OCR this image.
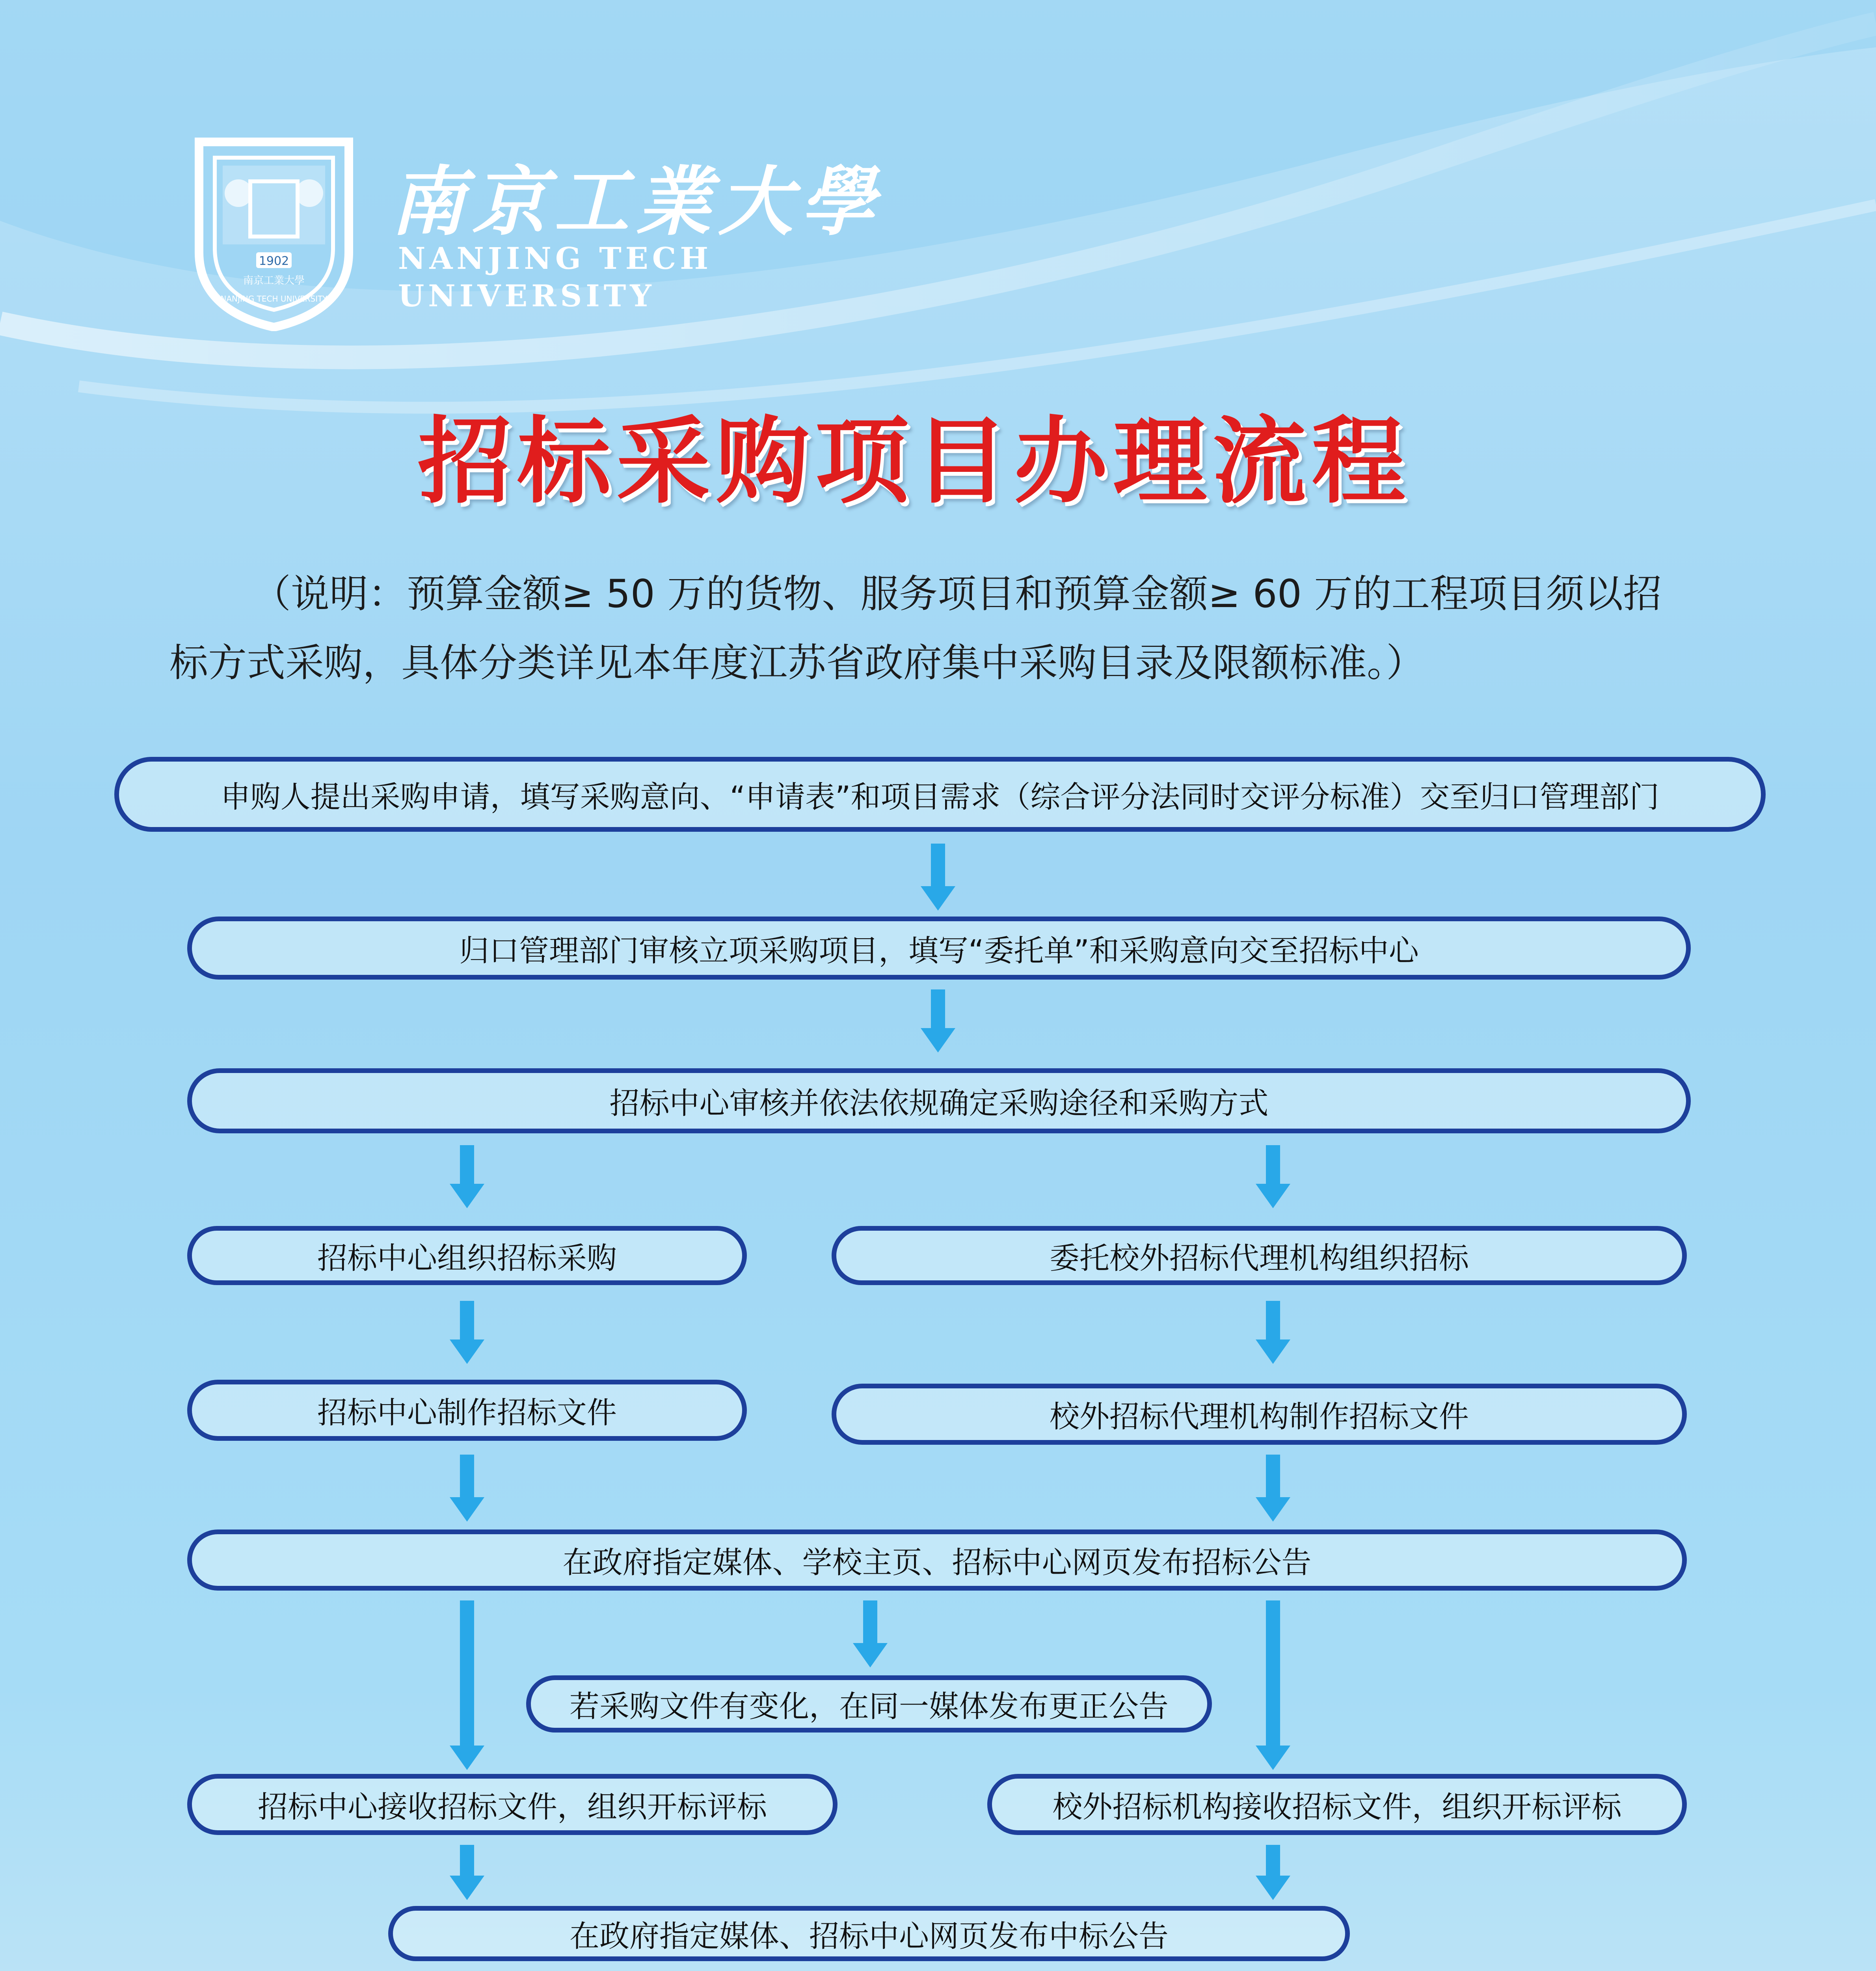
1902
南京工業大學
NANJING TECH UNIVERSITY
南京工業大學
NANJING TECH
UNIVERSITY
招标采购项目办理流程
（说明：预算金额≥ 50 万的货物、服务项目和预算金额≥ 60 万的工程项目须以招
标方式采购，具体分类详见本年度江苏省政府集中采购目录及限额标准。）
申购人提出采购申请，填写采购意向、“申请表”和项目需求（综合评分法同时交评分标准）交至归口管理部门
归口管理部门审核立项采购项目，填写“委托单”和采购意向交至招标中心
招标中心审核并依法依规确定采购途径和采购方式
招标中心组织招标采购	委托校外招标代理机构组织招标
招标中心制作招标文件	校外招标代理机构制作招标文件
在政府指定媒体、学校主页、招标中心网页发布招标公告
若采购文件有变化，在同一媒体发布更正公告
招标中心接收招标文件，组织开标评标	校外招标机构接收招标文件，组织开标评标
在政府指定媒体、招标中心网页发布中标公告
